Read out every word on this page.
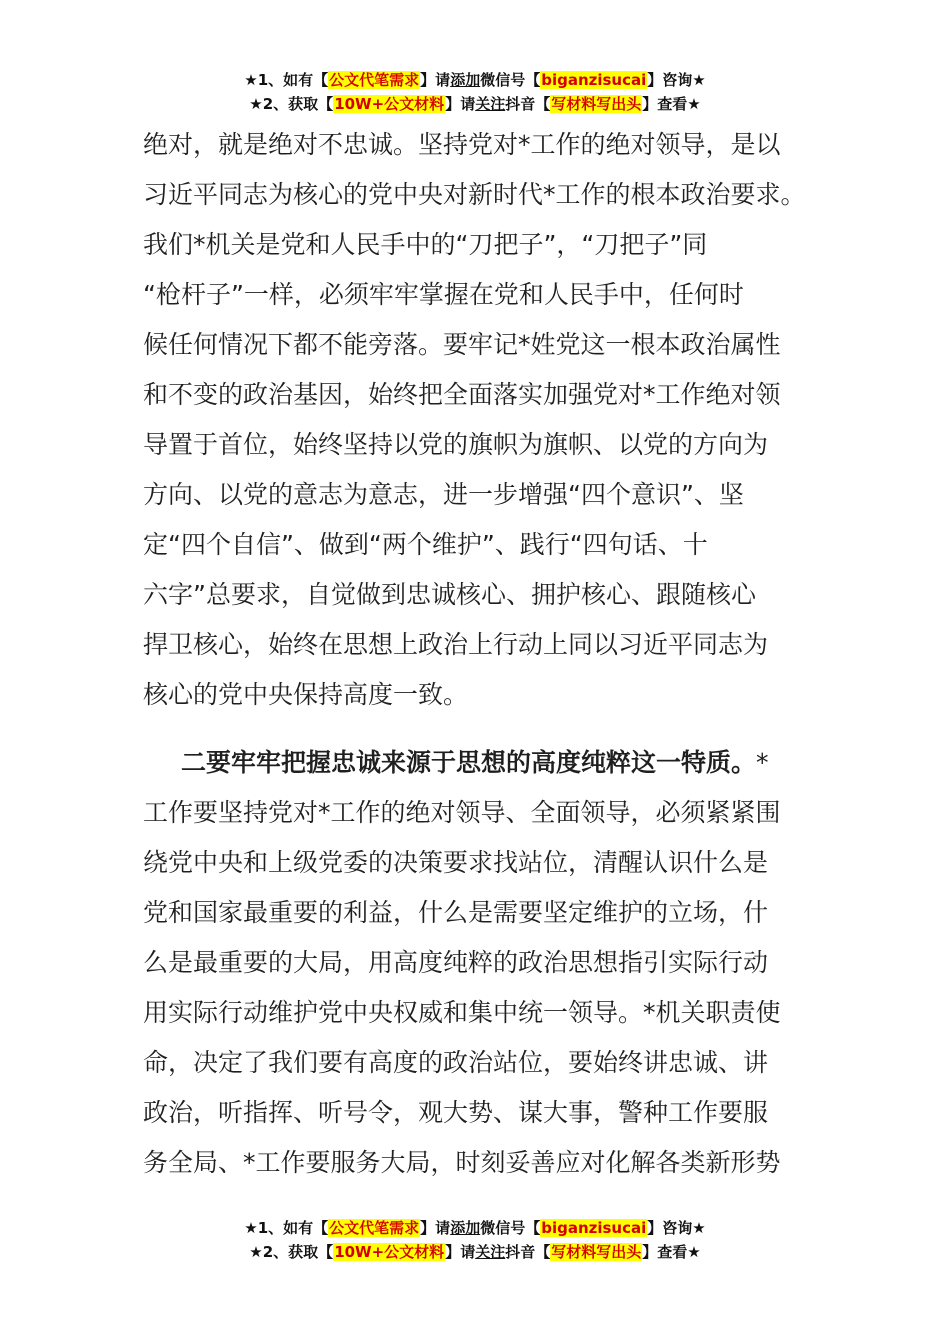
★1、如有【公文代笔需求】请添加微信号【biganzisucai】咨询★
★2、获取【10W+公文材料】请关注抖音【写材料写出头】查看★
绝对，就是绝对不忠诚。坚持党对*工作的绝对领导，是以
习近平同志为核心的党中央对新时代*工作的根本政治要求。
我们*机关是党和人民手中的“刀把子”，“刀把子”同
“枪杆子”一样，必须牢牢掌握在党和人民手中，任何时
候任何情况下都不能旁落。要牢记*姓党这一根本政治属性
和不变的政治基因，始终把全面落实加强党对*工作绝对领
导置于首位，始终坚持以党的旗帜为旗帜、以党的方向为
方向、以党的意志为意志，进一步增强“四个意识”、坚
定“四个自信”、做到“两个维护”、践行“四句话、十
六字”总要求，自觉做到忠诚核心、拥护核心、跟随核心
捍卫核心，始终在思想上政治上行动上同以习近平同志为
核心的党中央保持高度一致。
二要牢牢把握忠诚来源于思想的高度纯粹这一特质。*
工作要坚持党对*工作的绝对领导、全面领导，必须紧紧围
绕党中央和上级党委的决策要求找站位，清醒认识什么是
党和国家最重要的利益，什么是需要坚定维护的立场，什
么是最重要的大局，用高度纯粹的政治思想指引实际行动
用实际行动维护党中央权威和集中统一领导。*机关职责使
命，决定了我们要有高度的政治站位，要始终讲忠诚、讲
政治，听指挥、听号令，观大势、谋大事，警种工作要服
务全局、*工作要服务大局，时刻妥善应对化解各类新形势
★1、如有【公文代笔需求】请添加微信号【biganzisucai】咨询★
★2、获取【10W+公文材料】请关注抖音【写材料写出头】查看★
